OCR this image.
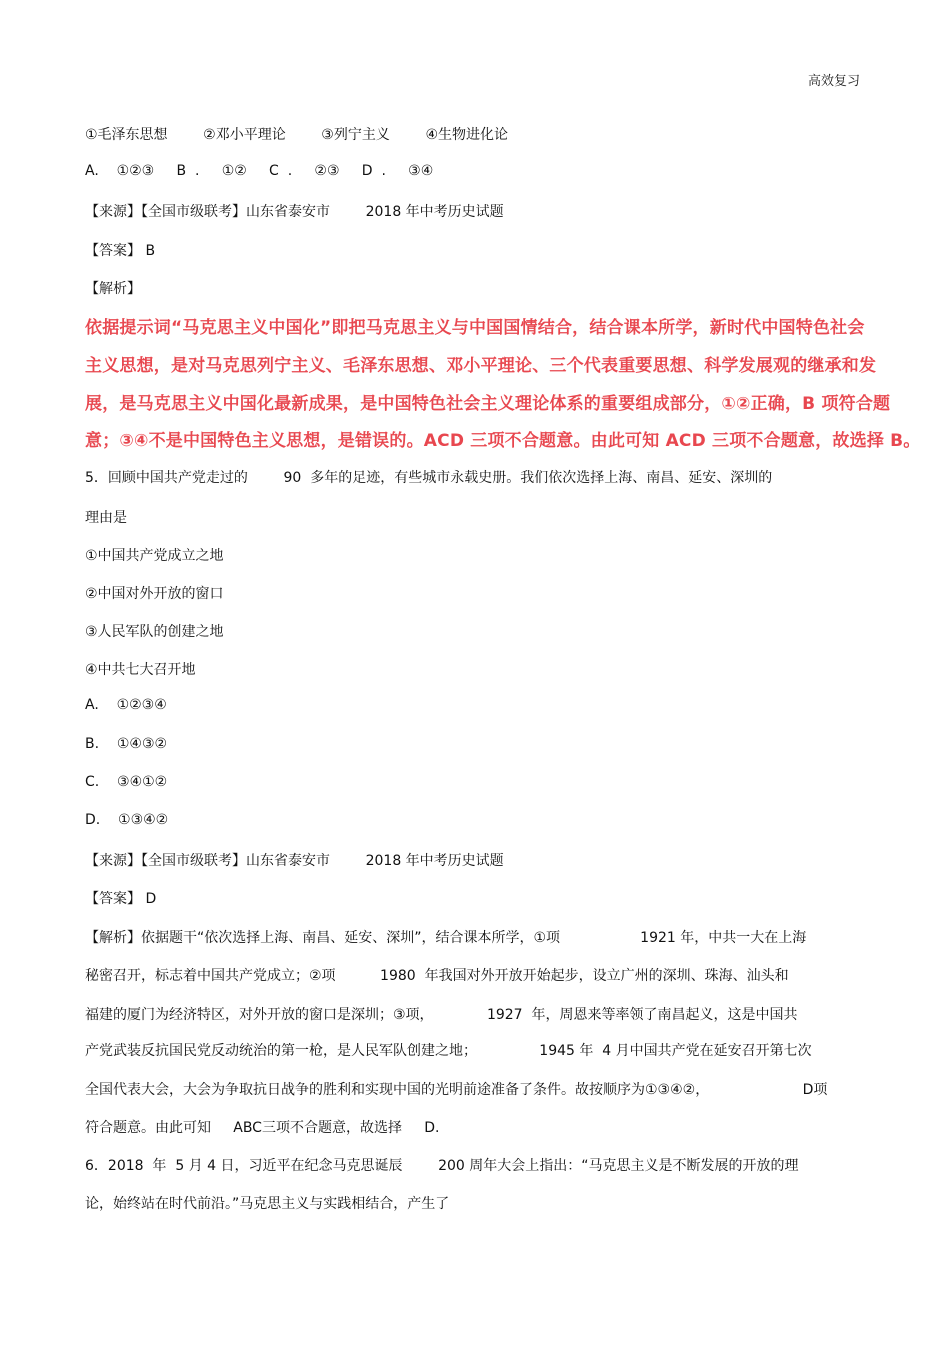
高效复习
①毛泽东思想        ②邓小平理论        ③列宁主义        ④生物进化论
A.    ①②③     B  .     ①②     C  .     ②③     D  .     ③④
【来源】【全国市级联考】山东省泰安市        2018 年中考历史试题
【答案】 B
【解析】
依据提示词“马克思主义中国化”即把马克思主义与中国国情结合，结合课本所学，新时代中国特色社会
主义思想，是对马克思列宁主义、毛泽东思想、邓小平理论、三个代表重要思想、科学发展观的继承和发
展，是马克思主义中国化最新成果，是中国特色社会主义理论体系的重要组成部分，①②正确，B 项符合题
意；③④不是中国特色主义思想，是错误的。ACD 三项不合题意。由此可知 ACD 三项不合题意，故选择 B。
5．回顾中国共产党走过的        90  多年的足迹，有些城市永载史册。我们依次选择上海、南昌、延安、深圳的
理由是
①中国共产党成立之地
②中国对外开放的窗口
③人民军队的创建之地
④中共七大召开地
A.    ①②③④
B.    ①④③②
C.    ③④①②
D.    ①③④②
【来源】【全国市级联考】山东省泰安市        2018 年中考历史试题
【答案】 D
【解析】依据题干“依次选择上海、南昌、延安、深圳”，结合课本所学，①项                  1921 年，中共一大在上海
秘密召开，标志着中国共产党成立；②项          1980  年我国对外开放开始起步，设立广州的深圳、珠海、汕头和
福建的厦门为经济特区，对外开放的窗口是深圳；③项，            1927  年，周恩来等率领了南昌起义，这是中国共
产党武装反抗国民党反动统治的第一枪，是人民军队创建之地；              1945 年  4 月中国共产党在延安召开第七次
全国代表大会，大会为争取抗日战争的胜利和实现中国的光明前途准备了条件。故按顺序为①③④②，                     D项
符合题意。由此可知     ABC三项不合题意，故选择     D.
6．2018  年  5 月 4 日，习近平在纪念马克思诞辰        200 周年大会上指出：“马克思主义是不断发展的开放的理
论，始终站在时代前沿。”马克思主义与实践相结合，产生了
